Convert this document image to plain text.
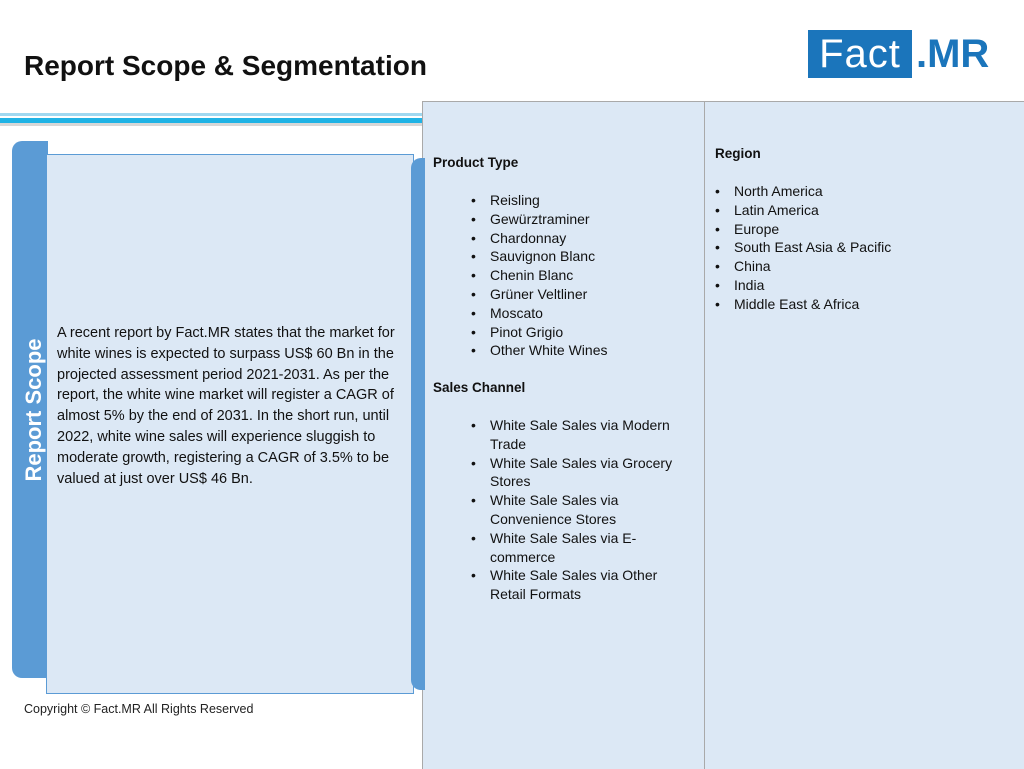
Report Scope & Segmentation	Fact .MR
Report Scope
A recent report by Fact.MR states that the market for white wines is expected to surpass US$ 60 Bn in the projected assessment period 2021-2031. As per the report, the white wine market will register a CAGR of almost 5% by the end of 2031. In the short run, until 2022, white wine sales will experience sluggish to moderate growth, registering a CAGR of 3.5% to be valued at just over US$ 46 Bn.
Product Type
• Reisling
• Gewürztraminer
• Chardonnay
• Sauvignon Blanc
• Chenin Blanc
• Grüner Veltliner
• Moscato
• Pinot Grigio
• Other White Wines
Sales Channel
• White Sale Sales via Modern Trade
• White Sale Sales via Grocery Stores
• White Sale Sales via Convenience Stores
• White Sale Sales via E-commerce
• White Sale Sales via Other Retail Formats
Region
• North America
• Latin America
• Europe
• South East Asia & Pacific
• China
• India
• Middle East & Africa
Copyright © Fact.MR All Rights Reserved
